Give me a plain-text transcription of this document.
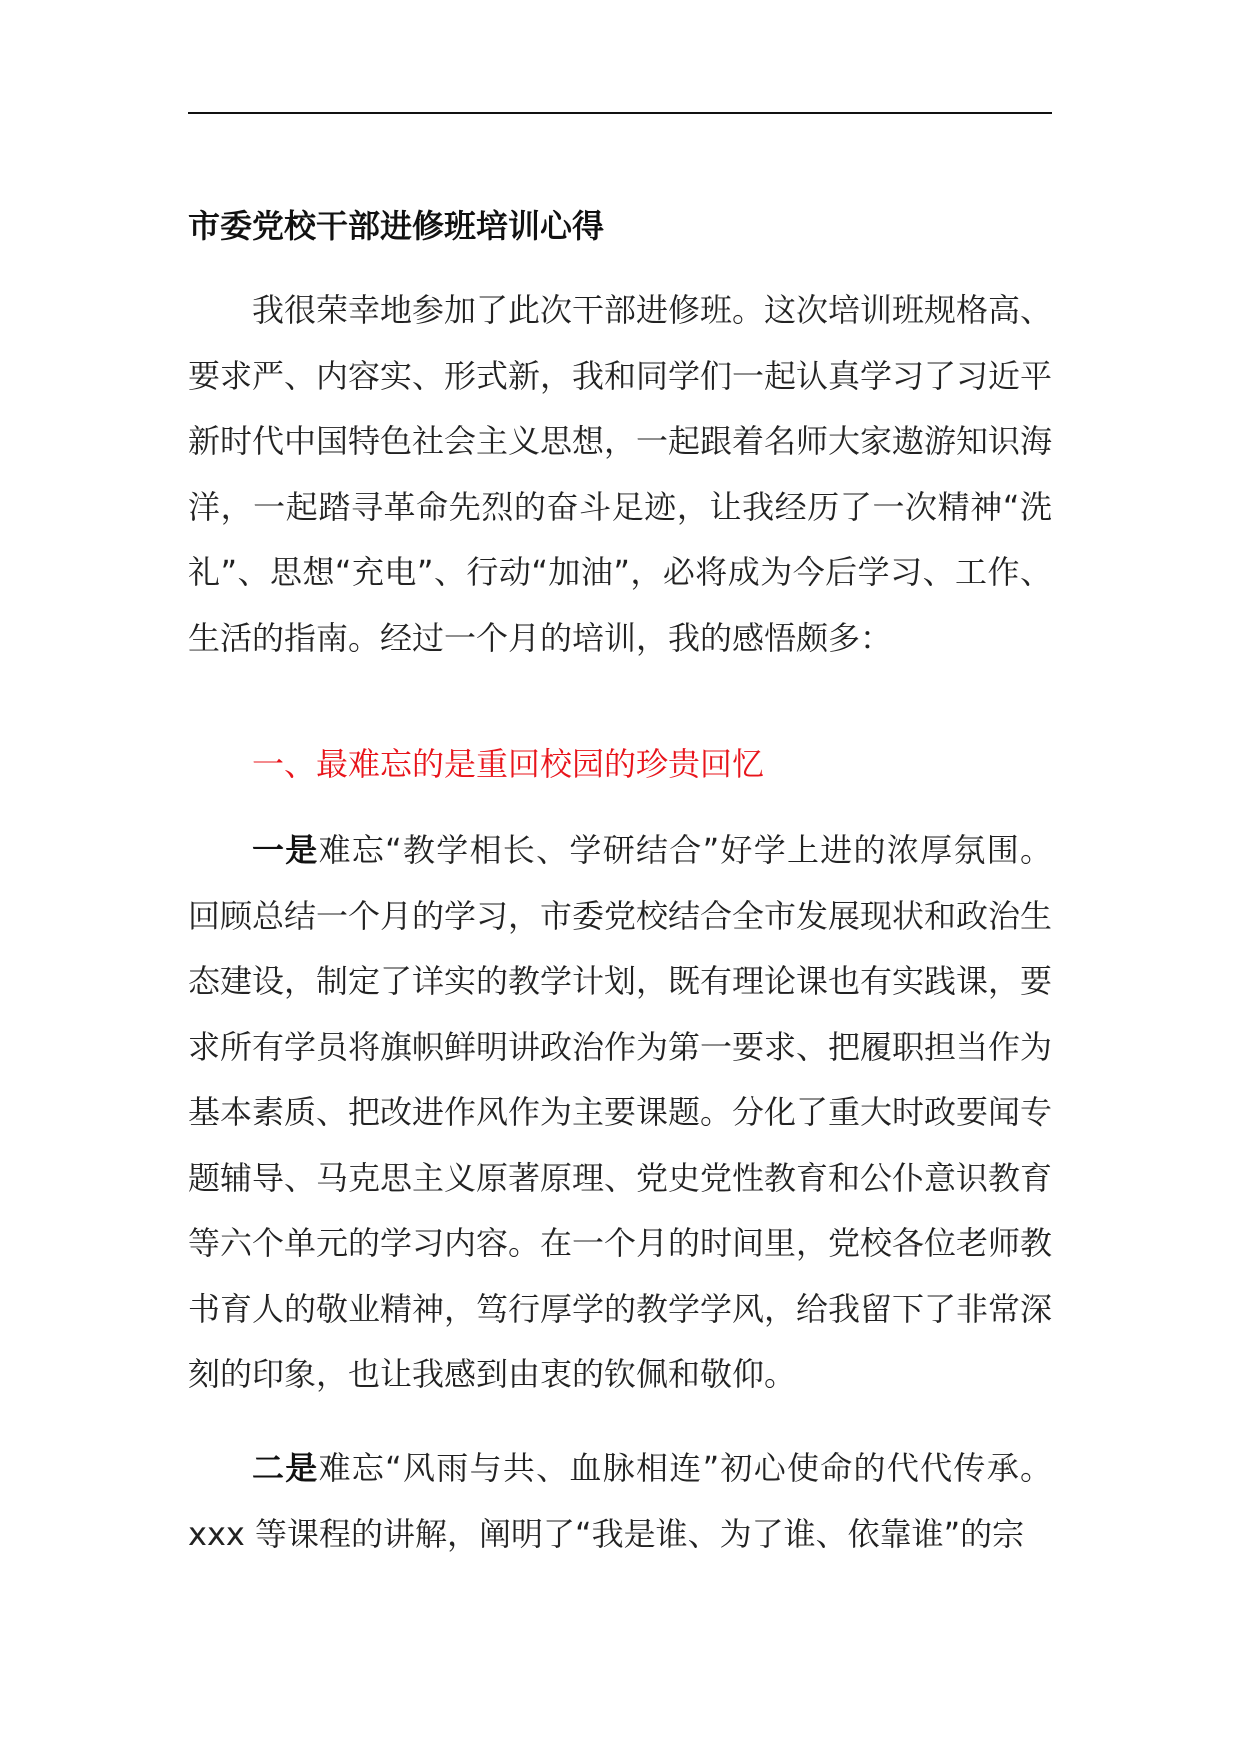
市委党校干部进修班培训心得

我很荣幸地参加了此次干部进修班。这次培训班规格高、要求严、内容实、形式新，我和同学们一起认真学习了习近平新时代中国特色社会主义思想，一起跟着名师大家遨游知识海洋，一起踏寻革命先烈的奋斗足迹，让我经历了一次精神“洗礼”、思想“充电”、行动“加油”，必将成为今后学习、工作、生活的指南。经过一个月的培训，我的感悟颇多：

一、最难忘的是重回校园的珍贵回忆

一是难忘“教学相长、学研结合”好学上进的浓厚氛围。回顾总结一个月的学习，市委党校结合全市发展现状和政治生态建设，制定了详实的教学计划，既有理论课也有实践课，要求所有学员将旗帜鲜明讲政治作为第一要求、把履职担当作为基本素质、把改进作风作为主要课题。分化了重大时政要闻专题辅导、马克思主义原著原理、党史党性教育和公仆意识教育等六个单元的学习内容。在一个月的时间里，党校各位老师教书育人的敬业精神，笃行厚学的教学学风，给我留下了非常深刻的印象，也让我感到由衷的钦佩和敬仰。

二是难忘“风雨与共、血脉相连”初心使命的代代传承。xxx 等课程的讲解，阐明了“我是谁、为了谁、依靠谁”的宗
